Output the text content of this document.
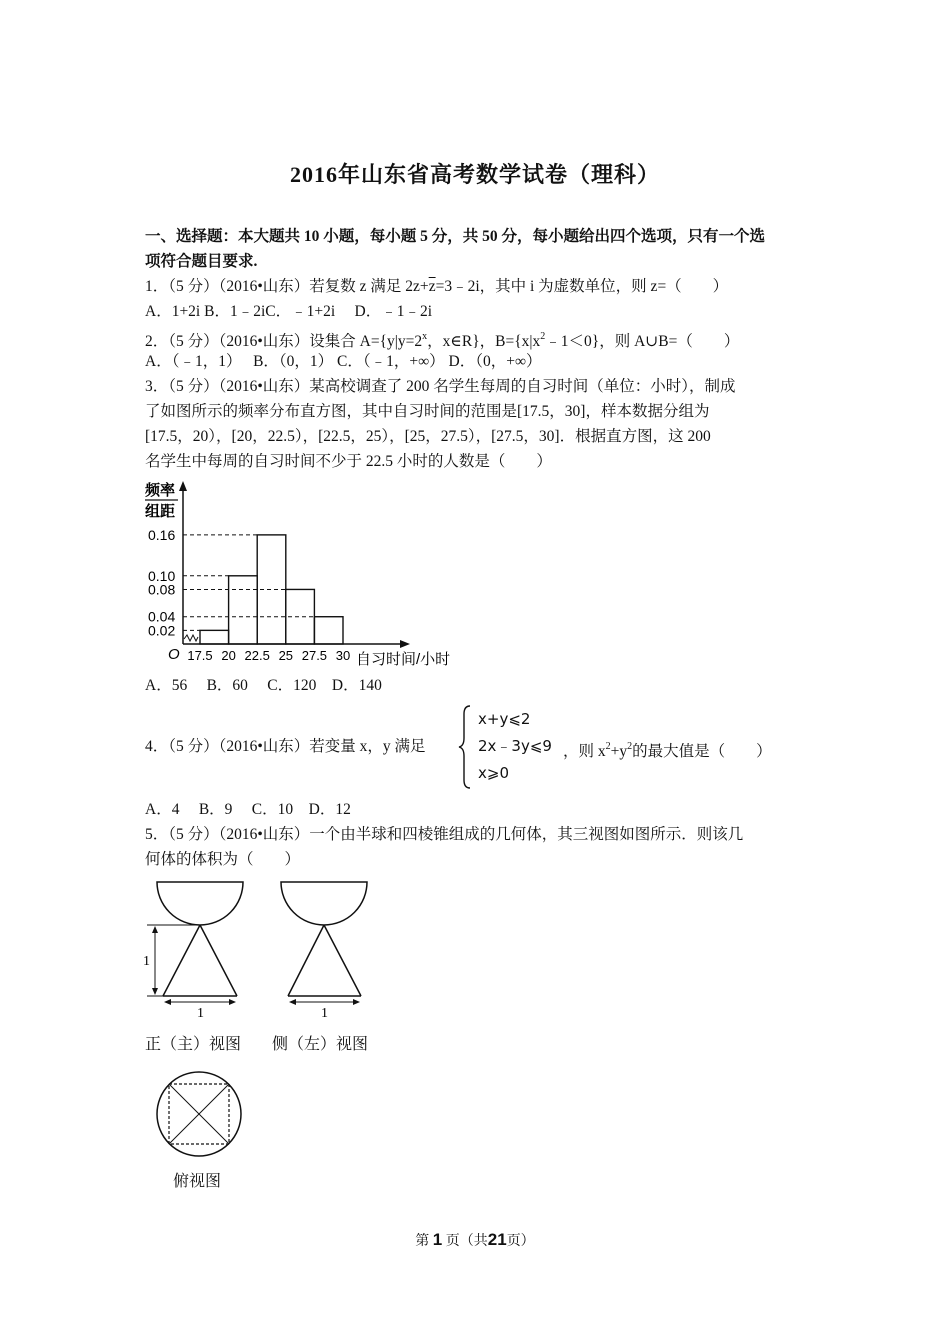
2016年山东省高考数学试卷（理科）
一、选择题：本大题共 10 小题，每小题 5 分，共 50 分，每小题给出四个选项，只有一个选
项符合题目要求.
1．（5 分）（2016•山东）若复数 z 满足 $2z+\overline{z}=3﹣2i$，其中 i 为虚数单位，则 z=（　　）
A．1+2i B．1﹣2iC．﹣1+2i　 D．﹣1﹣2i
2．（5 分）（2016•山东）设集合 $A=\{y|y=2^x$，x∈R}，$B=\{x|x^2﹣1<0\}$，则 A∪B=（　　）
A．（﹣1，1）　 B．（0，1） C．（﹣1，+∞） D．（0，+∞）
3．（5 分）（2016•山东）某高校调查了 200 名学生每周的自习时间（单位：小时），制成
了如图所示的频率分布直方图，其中自习时间的范围是[17.5，30]，样本数据分组为
[17.5，20），[20，22.5），[22.5，25），[25，27.5），[27.5，30]．根据直方图，这 200
名学生中每周的自习时间不少于 22.5 小时的人数是（　　）
频率
组距
O	自习时间/小时
0.02
0.04
0.08
0.10
0.16
17.5 20 22.5 25 27.5 30
A．56　 B．60　 C．120　D．140
4．（5 分）（2016•山东）若变量 x，y 满足
x+y⩽2
2x﹣3y⩽9
x⩾0
，则 $x^2+y^2$的最大值是（　　）
A．4　 B．9　 C．10　D．12
5．（5 分）（2016•山东）一个由半球和四棱锥组成的几何体，其三视图如图所示．则该几
何体的体积为（　　）
1
1	1
正（主）视图 侧（左）视图
俯视图
第 1 页（共21页）
